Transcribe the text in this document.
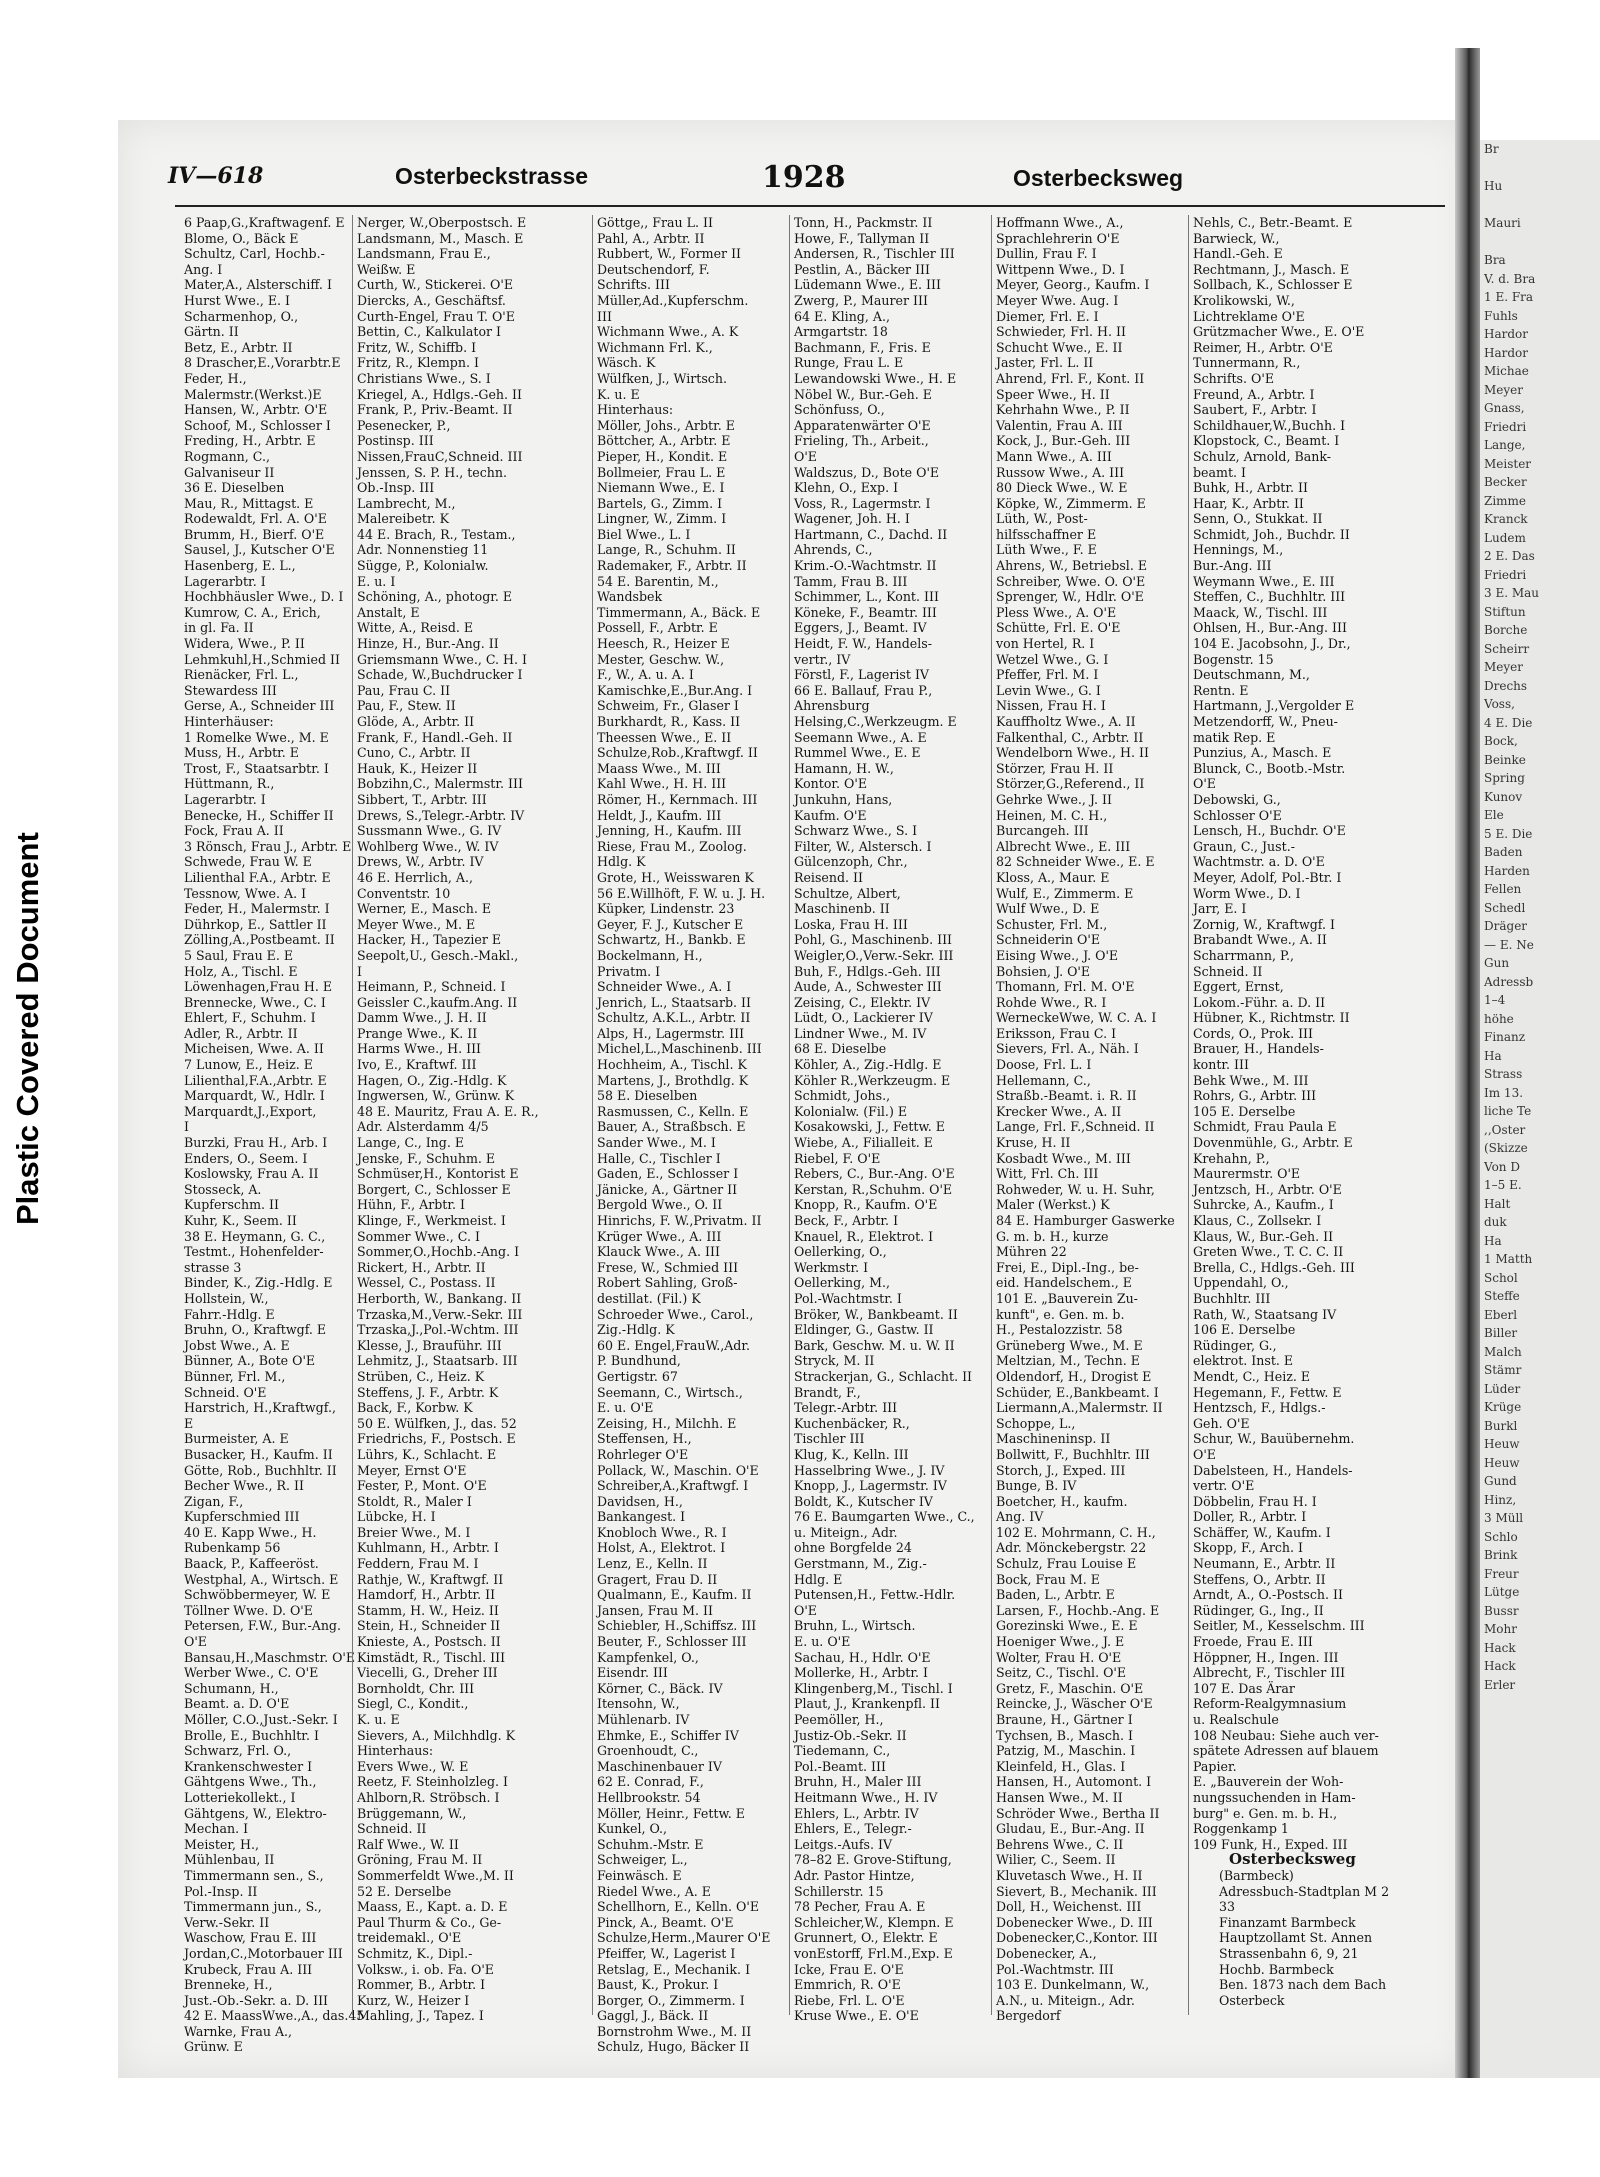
Plastic Covered Document
Br

Hu

Mauri

Bra
V. d. Bra
1 E. Fra
Fuhls
Hardor
Hardor
Michae
Meyer
Gnass,
Friedri
Lange,
Meister
Becker
Zimme
Kranck
Ludem
2 E. Das
Friedri
3 E. Mau
Stiftun
Borche
Scheirr
Meyer
Drechs
Voss,
4 E. Die
Bock,
Beinke
Spring
Kunov
Ele
5 E. Die
Baden
Harden
Fellen
Schedl
Dräger
— E. Ne
Gun
Adressb
1–4
höhe
Finanz
Ha
Strass
Im 13.
liche Te
,,Oster
(Skizze
Von D
1–5 E.
Halt
duk
Ha
1 Matth
Schol
Steffe
Eberl
Biller
Malch
Stämr
Lüder
Krüge
Burkl
Heuw
Heuw
Gund
Hinz,
3 Müll
Schlo
Brink
Freur
Lütge
Bussr
Mohr
Hack
Hack
Erler
IV—618	Osterbeckstrasse	1928	Osterbecksweg
6 Paap,G.,Kraftwagenf. E
Blome, O., Bäck E
Schultz, Carl, Hochb.-
Ang. I
Mater,A., Alsterschiff. I
Hurst Wwe., E. I
Scharmenhop, O.,
Gärtn. II
Betz, E., Arbtr. II
8 Drascher,E.,Vorarbtr.E
Feder, H.,
Malermstr.(Werkst.)E
Hansen, W., Arbtr. O'E
Schoof, M., Schlosser I
Freding, H., Arbtr. E
Rogmann, C.,
Galvaniseur II
36 E. Dieselben
Mau, R., Mittagst. E
Rodewaldt, Frl. A. O'E
Brumm, H., Bierf. O'E
Sausel, J., Kutscher O'E
Hasenberg, E. L.,
Lagerarbtr. I
Hochbhäusler Wwe., D. I
Kumrow, C. A., Erich,
in gl. Fa. II
Widera, Wwe., P. II
Lehmkuhl,H.,Schmied II
Rienäcker, Frl. L.,
Stewardess III
Gerse, A., Schneider III
Hinterhäuser:
1 Romelke Wwe., M. E
Muss, H., Arbtr. E
Trost, F., Staatsarbtr. I
Hüttmann, R.,
Lagerarbtr. I
Benecke, H., Schiffer II
Fock, Frau A. II
3 Rönsch, Frau J., Arbtr. E
Schwede, Frau W. E
Lilienthal F.A., Arbtr. E
Tessnow, Wwe. A. I
Feder, H., Malermstr. I
Dührkop, E., Sattler II
Zölling,A.,Postbeamt. II
5 Saul, Frau E. E
Holz, A., Tischl. E
Löwenhagen,Frau H. E
Brennecke, Wwe., C. I
Ehlert, F., Schuhm. I
Adler, R., Arbtr. II
Micheisen, Wwe. A. II
7 Lunow, E., Heiz. E
Lilienthal,F.A.,Arbtr. E
Marquardt, W., Hdlr. I
Marquardt,J.,Export,
I
Burzki, Frau H., Arb. I
Enders, O., Seem. I
Koslowsky, Frau A. II
Stosseck, A.
Kupferschm. II
Kuhr, K., Seem. II
38 E. Heymann, G. C.,
Testmt., Hohenfelder-
strasse 3
Binder, K., Zig.-Hdlg. E
Hollstein, W.,
Fahrr.-Hdlg. E
Bruhn, O., Kraftwgf. E
Jobst Wwe., A. E
Bünner, A., Bote O'E
Bünner, Frl. M.,
Schneid. O'E
Harstrich, H.,Kraftwgf.,
E
Burmeister, A. E
Busacker, H., Kaufm. II
Götte, Rob., Buchhltr. II
Becher Wwe., R. II
Zigan, F.,
Kupferschmied III
40 E. Kapp Wwe., H.
Rubenkamp 56
Baack, P., Kaffeeröst.
Westphal, A., Wirtsch. E
Schwöbbermeyer, W. E
Töllner Wwe. D. O'E
Petersen, F.W., Bur.-Ang.
O'E
Bansau,H.,Maschmstr. O'E
Werber Wwe., C. O'E
Schumann, H.,
Beamt. a. D. O'E
Möller, C.O.,Just.-Sekr. I
Brolle, E., Buchhltr. I
Schwarz, Frl. O.,
Krankenschwester I
Gähtgens Wwe., Th.,
Lotteriekollekt., I
Gähtgens, W., Elektro-
Mechan. I
Meister, H.,
Mühlenbau, II
Timmermann sen., S.,
Pol.-Insp. II
Timmermann jun., S.,
Verw.-Sekr. II
Waschow, Frau E. III
Jordan,C.,Motorbauer III
Krubeck, Frau A. III
Brenneke, H.,
Just.-Ob.-Sekr. a. D. III
42 E. MaassWwe.,A., das.45
Warnke, Frau A.,
Grünw. E
Nerger, W.,Oberpostsch. E
Landsmann, M., Masch. E
Landsmann, Frau E.,
Weißw. E
Curth, W., Stickerei. O'E
Diercks, A., Geschäftsf.
Curth-Engel, Frau T. O'E
Bettin, C., Kalkulator I
Fritz, W., Schiffb. I
Fritz, R., Klempn. I
Christians Wwe., S. I
Kriegel, A., Hdlgs.-Geh. II
Frank, P., Priv.-Beamt. II
Pesenecker, P.,
Postinsp. III
Nissen,FrauC,Schneid. III
Jenssen, S. P. H., techn.
Ob.-Insp. III
Lambrecht, M.,
Malereibetr. K
44 E. Brach, R., Testam.,
Adr. Nonnenstieg 11
Sügge, P., Kolonialw.
E. u. I
Schöning, A., photogr. E
Anstalt, E
Witte, A., Reisd. E
Hinze, H., Bur.-Ang. II
Griemsmann Wwe., C. H. I
Schade, W.,Buchdrucker I
Pau, Frau C. II
Pau, F., Stew. II
Glöde, A., Arbtr. II
Frank, F., Handl.-Geh. II
Cuno, C., Arbtr. II
Hauk, K., Heizer II
Bobzihn,C., Malermstr. III
Sibbert, T., Arbtr. III
Drews, S.,Telegr.-Arbtr. IV
Sussmann Wwe., G. IV
Wohlberg Wwe., W. IV
Drews, W., Arbtr. IV
46 E. Herrlich, A.,
Conventstr. 10
Werner, E., Masch. E
Meyer Wwe., M. E
Hacker, H., Tapezier E
Seepolt,U., Gesch.-Makl.,
I
Heimann, P., Schneid. I
Geissler C.,kaufm.Ang. II
Damm Wwe., J. H. II
Prange Wwe., K. II
Harms Wwe., H. III
Ivo, E., Kraftwf. III
Hagen, O., Zig.-Hdlg. K
Ingwersen, W., Grünw. K
48 E. Mauritz, Frau A. E. R.,
Adr. Alsterdamm 4/5
Lange, C., Ing. E
Jenske, F., Schuhm. E
Schmüser,H., Kontorist E
Borgert, C., Schlosser E
Hühn, F., Arbtr. I
Klinge, F., Werkmeist. I
Sommer Wwe., C. I
Sommer,O.,Hochb.-Ang. I
Rickert, H., Arbtr. II
Wessel, C., Postass. II
Herborth, W., Bankang. II
Trzaska,M.,Verw.-Sekr. III
Trzaska,J.,Pol.-Wchtm. III
Klesse, J., Brauführ. III
Lehmitz, J., Staatsarb. III
Strüben, C., Heiz. K
Steffens, J. F., Arbtr. K
Back, F., Korbw. K
50 E. Wülfken, J., das. 52
Friedrichs, F., Postsch. E
Lührs, K., Schlacht. E
Meyer, Ernst O'E
Fester, P., Mont. O'E
Stoldt, R., Maler I
Lübcke, H. I
Breier Wwe., M. I
Kuhlmann, H., Arbtr. I
Feddern, Frau M. I
Rathje, W., Kraftwgf. II
Hamdorf, H., Arbtr. II
Stamm, H. W., Heiz. II
Stein, H., Schneider II
Knieste, A., Postsch. II
Kimstädt, R., Tischl. III
Viecelli, G., Dreher III
Bornholdt, Chr. III
Siegl, C., Kondit.,
K. u. E
Sievers, A., Milchhdlg. K
Hinterhaus:
Evers Wwe., W. E
Reetz, F. Steinholzleg. I
Ahlborn,R. Ströbsch. I
Brüggemann, W.,
Schneid. II
Ralf Wwe., W. II
Gröning, Frau M. II
Sommerfeldt Wwe.,M. II
52 E. Derselbe
Maass, E., Kapt. a. D. E
Paul Thurm & Co., Ge-
treidemakl., O'E
Schmitz, K., Dipl.-
Volksw., i. ob. Fa. O'E
Rommer, B., Arbtr. I
Kurz, W., Heizer I
Mahling, J., Tapez. I
Göttge,, Frau L. II
Pahl, A., Arbtr. II
Rubbert, W., Former II
Deutschendorf, F.
Schrifts. III
Müller,Ad.,Kupferschm.
III
Wichmann Wwe., A. K
Wichmann Frl. K.,
Wäsch. K
Wülfken, J., Wirtsch.
K. u. E
Hinterhaus:
Möller, Johs., Arbtr. E
Böttcher, A., Arbtr. E
Pieper, H., Kondit. E
Bollmeier, Frau L. E
Niemann Wwe., E. I
Bartels, G., Zimm. I
Lingner, W., Zimm. I
Biel Wwe., L. I
Lange, R., Schuhm. II
Rademaker, F., Arbtr. II
54 E. Barentin, M.,
Wandsbek
Timmermann, A., Bäck. E
Possell, F., Arbtr. E
Heesch, R., Heizer E
Mester, Geschw. W.,
F., W., A. u. A. I
Kamischke,E.,Bur.Ang. I
Schweim, Fr., Glaser I
Burkhardt, R., Kass. II
Theessen Wwe., E. II
Schulze,Rob.,Kraftwgf. II
Maass Wwe., M. III
Kahl Wwe., H. H. III
Römer, H., Kernmach. III
Heldt, J., Kaufm. III
Jenning, H., Kaufm. III
Riese, Frau M., Zoolog.
Hdlg. K
Grote, H., Weisswaren K
56 E.Willhöft, F. W. u. J. H.
Küpker, Lindenstr. 23
Geyer, F. J., Kutscher E
Schwartz, H., Bankb. E
Bockelmann, H.,
Privatm. I
Schneider Wwe., A. I
Jenrich, L., Staatsarb. II
Schultz, A.K.L., Arbtr. II
Alps, H., Lagermstr. III
Michel,L.,Maschinenb. III
Hochheim, A., Tischl. K
Martens, J., Brothdlg. K
58 E. Dieselben
Rasmussen, C., Kelln. E
Bauer, A., Straßbsch. E
Sander Wwe., M. I
Halle, C., Tischler I
Gaden, E., Schlosser I
Jänicke, A., Gärtner II
Bergold Wwe., O. II
Hinrichs, F. W.,Privatm. II
Krüger Wwe., A. III
Klauck Wwe., A. III
Frese, W., Schmied III
Robert Sahling, Groß-
destillat. (Fil.) K
Schroeder Wwe., Carol.,
Zig.-Hdlg. K
60 E. Engel,FrauW.,Adr.
P. Bundhund,
Gertigstr. 67
Seemann, C., Wirtsch.,
E. u. O'E
Zeising, H., Milchh. E
Steffensen, H.,
Rohrleger O'E
Pollack, W., Maschin. O'E
Schreiber,A.,Kraftwgf. I
Davidsen, H.,
Bankangest. I
Knobloch Wwe., R. I
Holst, A., Elektrot. I
Lenz, E., Kelln. II
Gragert, Frau D. II
Qualmann, E., Kaufm. II
Jansen, Frau M. II
Schiebler, H.,Schiffsz. III
Beuter, F., Schlosser III
Kampfenkel, O.,
Eisendr. III
Körner, C., Bäck. IV
Itensohn, W.,
Mühlenarb. IV
Ehmke, E., Schiffer IV
Groenhoudt, C.,
Maschinenbauer IV
62 E. Conrad, F.,
Hellbrookstr. 54
Möller, Heinr., Fettw. E
Kunkel, O.,
Schuhm.-Mstr. E
Schweiger, L.,
Feinwäsch. E
Riedel Wwe., A. E
Schellhorn, E., Kelln. O'E
Pinck, A., Beamt. O'E
Schulze,Herm.,Maurer O'E
Pfeiffer, W., Lagerist I
Retslag, E., Mechanik. I
Baust, K., Prokur. I
Borger, O., Zimmerm. I
Gaggl, J., Bäck. II
Bornstrohm Wwe., M. II
Schulz, Hugo, Bäcker II
Tonn, H., Packmstr. II
Howe, F., Tallyman II
Andersen, R., Tischler III
Pestlin, A., Bäcker III
Lüdemann Wwe., E. III
Zwerg, P., Maurer III
64 E. Kling, A.,
Armgartstr. 18
Bachmann, F., Fris. E
Runge, Frau L. E
Lewandowski Wwe., H. E
Nöbel W., Bur.-Geh. E
Schönfuss, O.,
Apparatenwärter O'E
Frieling, Th., Arbeit.,
O'E
Waldszus, D., Bote O'E
Klehn, O., Exp. I
Voss, R., Lagermstr. I
Wagener, Joh. H. I
Hartmann, C., Dachd. II
Ahrends, C.,
Krim.-O.-Wachtmstr. II
Tamm, Frau B. III
Schimmer, L., Kont. III
Köneke, F., Beamtr. III
Eggers, J., Beamt. IV
Heidt, F. W., Handels-
vertr., IV
Förstl, F., Lagerist IV
66 E. Ballauf, Frau P.,
Ahrensburg
Helsing,C.,Werkzeugm. E
Seemann Wwe., A. E
Rummel Wwe., E. E
Hamann, H. W.,
Kontor. O'E
Junkuhn, Hans,
Kaufm. O'E
Schwarz Wwe., S. I
Filter, W., Alstersch. I
Gülcenzoph, Chr.,
Reisend. II
Schultze, Albert,
Maschinenb. II
Loska, Frau H. III
Pohl, G., Maschinenb. III
Weigler,O.,Verw.-Sekr. III
Buh, F., Hdlgs.-Geh. III
Aude, A., Schwester III
Zeising, C., Elektr. IV
Lüdt, O., Lackierer IV
Lindner Wwe., M. IV
68 E. Dieselbe
Köhler, A., Zig.-Hdlg. E
Köhler R.,Werkzeugm. E
Schmidt, Johs.,
Kolonialw. (Fil.) E
Kosakowski, J., Fettw. E
Wiebe, A., Filialleit. E
Riebel, F. O'E
Rebers, C., Bur.-Ang. O'E
Kerstan, R.,Schuhm. O'E
Knopp, R., Kaufm. O'E
Beck, F., Arbtr. I
Knauel, R., Elektrot. I
Oellerking, O.,
Werkmstr. I
Oellerking, M.,
Pol.-Wachtmstr. I
Bröker, W., Bankbeamt. II
Eldinger, G., Gastw. II
Bark, Geschw. M. u. W. II
Stryck, M. II
Strackerjan, G., Schlacht. II
Brandt, F.,
Telegr.-Arbtr. III
Kuchenbäcker, R.,
Tischler III
Klug, K., Kelln. III
Hasselbring Wwe., J. IV
Knopp, J., Lagermstr. IV
Boldt, K., Kutscher IV
76 E. Baumgarten Wwe., C.,
u. Miteign., Adr.
ohne Borgfelde 24
Gerstmann, M., Zig.-
Hdlg. E
Putensen,H., Fettw.-Hdlr.
O'E
Bruhn, L., Wirtsch.
E. u. O'E
Sachau, H., Hdlr. O'E
Mollerke, H., Arbtr. I
Klingenberg,M., Tischl. I
Plaut, J., Krankenpfl. II
Peemöller, H.,
Justiz-Ob.-Sekr. II
Tiedemann, C.,
Pol.-Beamt. III
Bruhn, H., Maler III
Heitmann Wwe., H. IV
Ehlers, L., Arbtr. IV
Ehlers, E., Telegr.-
Leitgs.-Aufs. IV
78–82 E. Grove-Stiftung,
Adr. Pastor Hintze,
Schillerstr. 15
78 Pecher, Frau A. E
Schleicher,W., Klempn. E
Grunnert, O., Elektr. E
vonEstorff, Frl.M.,Exp. E
Icke, Frau E. O'E
Emmrich, R. O'E
Riebe, Frl. L. O'E
Kruse Wwe., E. O'E
Hoffmann Wwe., A.,
Sprachlehrerin O'E
Dullin, Frau F. I
Wittpenn Wwe., D. I
Meyer, Georg., Kaufm. I
Meyer Wwe. Aug. I
Diemer, Frl. E. I
Schwieder, Frl. H. II
Schucht Wwe., E. II
Jaster, Frl. L. II
Ahrend, Frl. F., Kont. II
Speer Wwe., H. II
Kehrhahn Wwe., P. II
Valentin, Frau A. III
Kock, J., Bur.-Geh. III
Mann Wwe., A. III
Russow Wwe., A. III
80 Dieck Wwe., W. E
Köpke, W., Zimmerm. E
Lüth, W., Post-
hilfsschaffner E
Lüth Wwe., F. E
Ahrens, W., Betriebsl. E
Schreiber, Wwe. O. O'E
Sprenger, W., Hdlr. O'E
Pless Wwe., A. O'E
Schütte, Frl. E. O'E
von Hertel, R. I
Wetzel Wwe., G. I
Pfeffer, Frl. M. I
Levin Wwe., G. I
Nissen, Frau H. I
Kauffholtz Wwe., A. II
Falkenthal, C., Arbtr. II
Wendelborn Wwe., H. II
Störzer, Frau H. II
Störzer,G.,Referend., II
Gehrke Wwe., J. II
Heinen, M. C. H.,
Burcangeh. III
Albrecht Wwe., E. III
82 Schneider Wwe., E. E
Kloss, A., Maur. E
Wulf, E., Zimmerm. E
Wulf Wwe., D. E
Schuster, Frl. M.,
Schneiderin O'E
Eising Wwe., J. O'E
Bohsien, J. O'E
Thomann, Frl. M. O'E
Rohde Wwe., R. I
WerneckeWwe, W. C. A. I
Eriksson, Frau C. I
Sievers, Frl. A., Näh. I
Doose, Frl. L. I
Hellemann, C.,
Straßb.-Beamt. i. R. II
Krecker Wwe., A. II
Lange, Frl. F.,Schneid. II
Kruse, H. II
Kosbadt Wwe., M. III
Witt, Frl. Ch. III
Rohweder, W. u. H. Suhr,
Maler (Werkst.) K
84 E. Hamburger Gaswerke
G. m. b. H., kurze
Mühren 22
Frei, E., Dipl.-Ing., be-
eid. Handelschem., E
101 E. „Bauverein Zu-
kunft", e. Gen. m. b.
H., Pestalozzistr. 58
Grüneberg Wwe., M. E
Meltzian, M., Techn. E
Oldendorf, H., Drogist E
Schüder, E.,Bankbeamt. I
Liermann,A.,Malermstr. II
Schoppe, L.,
Maschineninsp. II
Bollwitt, F., Buchhltr. III
Storch, J., Exped. III
Bunge, B. IV
Boetcher, H., kaufm.
Ang. IV
102 E. Mohrmann, C. H.,
Adr. Mönckebergstr. 22
Schulz, Frau Louise E
Bock, Frau M. E
Baden, L., Arbtr. E
Larsen, F., Hochb.-Ang. E
Gorezinski Wwe., E. E
Hoeniger Wwe., J. E
Wolter, Frau H. O'E
Seitz, C., Tischl. O'E
Gretz, F., Maschin. O'E
Reincke, J., Wäscher O'E
Braune, H., Gärtner I
Tychsen, B., Masch. I
Patzig, M., Maschin. I
Kleinfeld, H., Glas. I
Hansen, H., Automont. I
Hansen Wwe., M. II
Schröder Wwe., Bertha II
Gludau, E., Bur.-Ang. II
Behrens Wwe., C. II
Wilier, C., Seem. II
Kluvetasch Wwe., H. II
Sievert, B., Mechanik. III
Doll, H., Weichenst. III
Dobenecker Wwe., D. III
Dobenecker,C.,Kontor. III
Dobenecker, A.,
Pol.-Wachtmstr. III
103 E. Dunkelmann, W.,
A.N., u. Miteign., Adr.
Bergedorf
Nehls, C., Betr.-Beamt. E
Barwieck, W.,
Handl.-Geh. E
Rechtmann, J., Masch. E
Sollbach, K., Schlosser E
Krolikowski, W.,
Lichtreklame O'E
Grützmacher Wwe., E. O'E
Reimer, H., Arbtr. O'E
Tunnermann, R.,
Schrifts. O'E
Freund, A., Arbtr. I
Saubert, F., Arbtr. I
Schildhauer,W.,Buchh. I
Klopstock, C., Beamt. I
Schulz, Arnold, Bank-
beamt. I
Buhk, H., Arbtr. II
Haar, K., Arbtr. II
Senn, O., Stukkat. II
Schmidt, Joh., Buchdr. II
Hennings, M.,
Bur.-Ang. III
Weymann Wwe., E. III
Steffen, C., Buchhltr. III
Maack, W., Tischl. III
Ohlsen, H., Bur.-Ang. III
104 E. Jacobsohn, J., Dr.,
Bogenstr. 15
Deutschmann, M.,
Rentn. E
Hartmann, J.,Vergolder E
Metzendorff, W., Pneu-
matik Rep. E
Punzius, A., Masch. E
Blunck, C., Bootb.-Mstr.
O'E
Debowski, G.,
Schlosser O'E
Lensch, H., Buchdr. O'E
Graun, C., Just.-
Wachtmstr. a. D. O'E
Meyer, Adolf, Pol.-Btr. I
Worm Wwe., D. I
Jarr, E. I
Zornig, W., Kraftwgf. I
Brabandt Wwe., A. II
Scharrmann, P.,
Schneid. II
Eggert, Ernst,
Lokom.-Führ. a. D. II
Hübner, K., Richtmstr. II
Cords, O., Prok. III
Brauer, H., Handels-
kontr. III
Behk Wwe., M. III
Rohrs, G., Arbtr. III
105 E. Derselbe
Schmidt, Frau Paula E
Dovenmühle, G., Arbtr. E
Krehahn, P.,
Maurermstr. O'E
Jentzsch, H., Arbtr. O'E
Suhrcke, A., Kaufm., I
Klaus, C., Zollsekr. I
Klaus, W., Bur.-Geh. II
Greten Wwe., T. C. C. II
Brella, C., Hdlgs.-Geh. III
Uppendahl, O.,
Buchhltr. III
Rath, W., Staatsang IV
106 E. Derselbe
Rüdinger, G.,
elektrot. Inst. E
Mendt, C., Heiz. E
Hegemann, F., Fettw. E
Hentzsch, F., Hdlgs.-
Geh. O'E
Schur, W., Bauübernehm.
O'E
Dabelsteen, H., Handels-
vertr. O'E
Döbbelin, Frau H. I
Doller, R., Arbtr. I
Schäffer, W., Kaufm. I
Skopp, F., Arch. I
Neumann, E., Arbtr. II
Steffens, O., Arbtr. II
Arndt, A., O.-Postsch. II
Rüdinger, G., Ing., II
Seitler, M., Kesselschm. III
Froede, Frau E. III
Höppner, H., Ingen. III
Albrecht, F., Tischler III
107 E. Das Ärar
Reform-Realgymnasium
u. Realschule
108 Neubau: Siehe auch ver-
spätete Adressen auf blauem
Papier.
E. „Bauverein der Woh-
nungssuchenden in Ham-
burg" e. Gen. m. b. H.,
Roggenkamp 1
109 Funk, H., Exped. III
Osterbecksweg
(Barmbeck)
Adressbuch-Stadtplan M 2
33
Finanzamt Barmbeck
Hauptzollamt St. Annen
Strassenbahn 6, 9, 21
Hochb. Barmbeck
Ben. 1873 nach dem Bach
Osterbeck
